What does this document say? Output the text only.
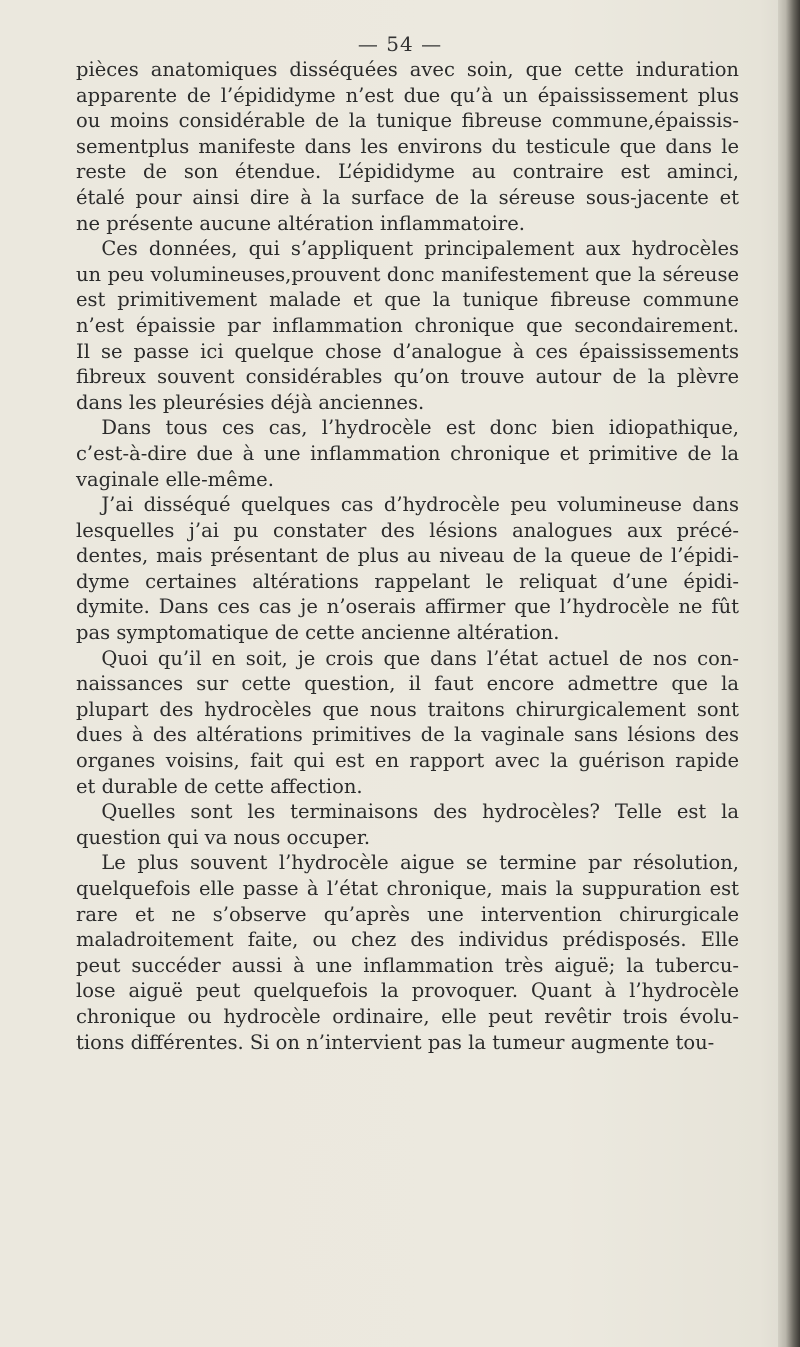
— 54 —

pièces anatomiques disséquées avec soin, que cette induration
apparente de l’épididyme n’est due qu’à un épaississement plus
ou moins considérable de la tunique fibreuse commune,épaissis-
sementplus manifeste dans les environs du testicule que dans le
reste de son étendue. L’épididyme au contraire est aminci,
étalé pour ainsi dire à la surface de la séreuse sous-jacente et
ne présente aucune altération inflammatoire.

Ces données, qui s’appliquent principalement aux hydrocèles
un peu volumineuses,prouvent donc manifestement que la séreuse
est primitivement malade et que la tunique fibreuse commune
n’est épaissie par inflammation chronique que secondairement.
Il se passe ici quelque chose d’analogue à ces épaississements
fibreux souvent considérables qu’on trouve autour de la plèvre
dans les pleurésies déjà anciennes.

Dans tous ces cas, l’hydrocèle est donc bien idiopathique,
c’est-à-dire due à une inflammation chronique et primitive de la
vaginale elle-même.

J’ai disséqué quelques cas d’hydrocèle peu volumineuse dans
lesquelles j’ai pu constater des lésions analogues aux précé-
dentes, mais présentant de plus au niveau de la queue de l’épidi-
dyme certaines altérations rappelant le reliquat d’une épidi-
dymite. Dans ces cas je n’oserais affirmer que l’hydrocèle ne fût
pas symptomatique de cette ancienne altération.

Quoi qu’il en soit, je crois que dans l’état actuel de nos con-
naissances sur cette question, il faut encore admettre que la
plupart des hydrocèles que nous traitons chirurgicalement sont
dues à des altérations primitives de la vaginale sans lésions des
organes voisins, fait qui est en rapport avec la guérison rapide
et durable de cette affection.

Quelles sont les terminaisons des hydrocèles? Telle est la
question qui va nous occuper.

Le plus souvent l’hydrocèle aigue se termine par résolution,
quelquefois elle passe à l’état chronique, mais la suppuration est
rare et ne s’observe qu’après une intervention chirurgicale
maladroitement faite, ou chez des individus prédisposés. Elle
peut succéder aussi à une inflammation très aiguë; la tubercu-
lose aiguë peut quelquefois la provoquer. Quant à l’hydrocèle
chronique ou hydrocèle ordinaire, elle peut revêtir trois évolu-
tions différentes. Si on n’intervient pas la tumeur augmente tou-
